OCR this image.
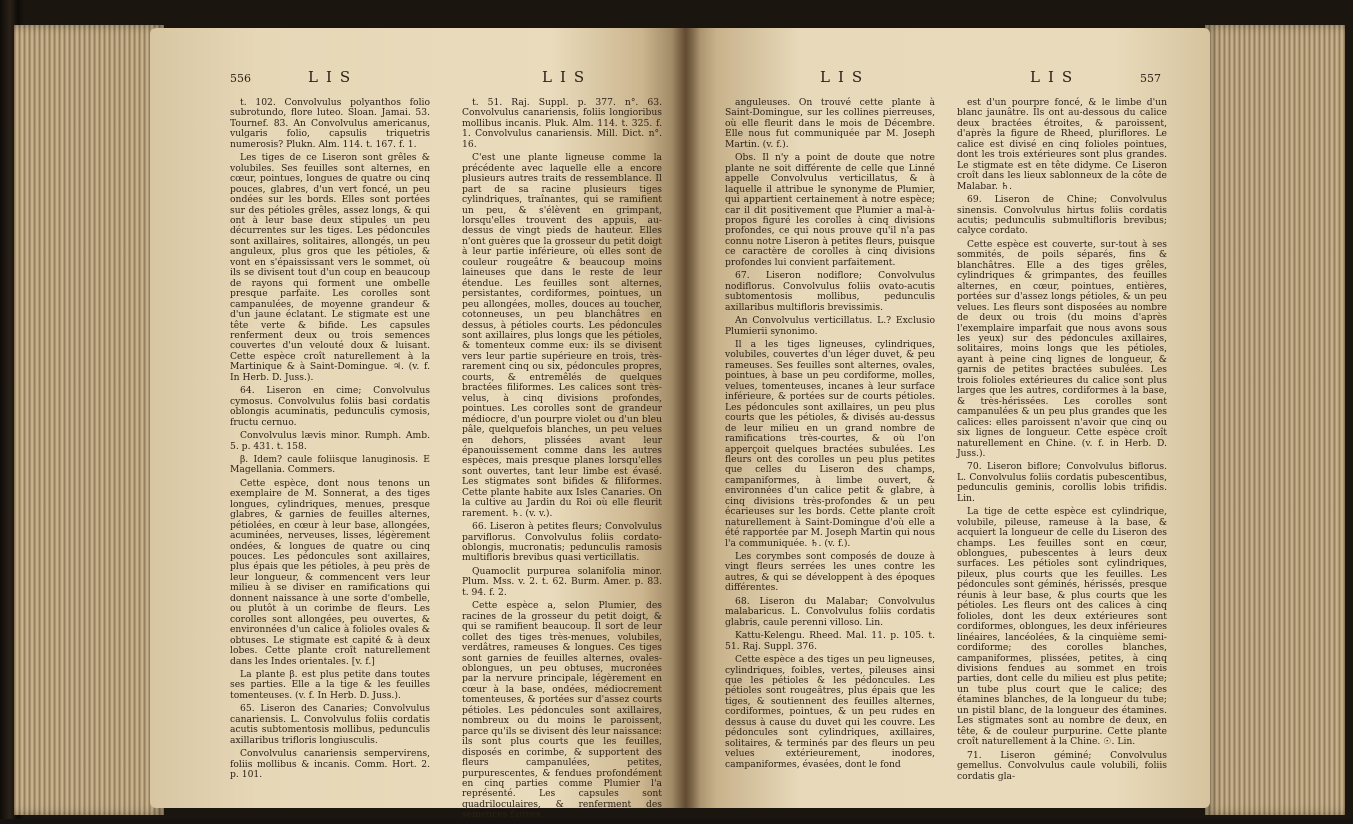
556	LIS	LIS

t. 102. Convolvulus polyanthos folio subrotundo, flore luteo. Sloan. Jamai. 53. Tournef. 83. An Convolvulus americanus, vulgaris folio, capsulis triquetris numerosis? Plukn. Alm. 114. t. 167. f. 1.

Les tiges de ce Liseron sont grêles & volubiles. Ses feuilles sont alternes, en cœur, pointues, longues de quatre ou cinq pouces, glabres, d'un vert foncé, un peu ondées sur les bords. Elles sont portées sur des pétioles grêles, assez longs, & qui ont à leur base deux stipules un peu décurrentes sur les tiges. Les pédoncules sont axillaires, solitaires, allongés, un peu anguleux, plus gros que les pétioles, & vont en s'épaississant vers le sommet, où ils se divisent tout d'un coup en beaucoup de rayons qui forment une ombelle presque parfaite. Les corolles sont campanulées, de moyenne grandeur & d'un jaune éclatant. Le stigmate est une tête verte & bifide. Les capsules renferment deux ou trois semences couvertes d'un velouté doux & luisant. Cette espèce croît naturellement à la Martinique & à Saint-Domingue. ♃. (v. f. In Herb. D. Juss.).

64. Liseron en cime; Convolvulus cymosus. Convolvulus foliis basi cordatis oblongis acuminatis, pedunculis cymosis, fructu cernuo.

Convolvulus lævis minor. Rumph. Amb. 5. p. 431. t. 158.

β. Idem? caule foliisque lanuginosis. E Magellania. Commers.

Cette espèce, dont nous tenons un exemplaire de M. Sonnerat, a des tiges longues, cylindriques, menues, presque glabres, & garnies de feuilles alternes, pétiolées, en cœur à leur base, allongées, acuminées, nerveuses, lisses, légèrement ondées, & longues de quatre ou cinq pouces. Les pédoncules sont axillaires, plus épais que les pétioles, à peu près de leur longueur, & commencent vers leur milieu à se diviser en ramifications qui donnent naissance à une sorte d'ombelle, ou plutôt à un corimbe de fleurs. Les corolles sont allongées, peu ouvertes, & environnées d'un calice à folioles ovales & obtuses. Le stigmate est capité & à deux lobes. Cette plante croît naturellement dans les Indes orientales. [v. f.]

La plante β. est plus petite dans toutes ses parties. Elle a la tige & les feuilles tomenteuses. (v. f. In Herb. D. Juss.).

65. Liseron des Canaries; Convolvulus canariensis. L. Convolvulus foliis cordatis acutis subtomentosis mollibus, pedunculis axillaribus trifloris longiusculis.

Convolvulus canariensis sempervirens, foliis mollibus & incanis. Comm. Hort. 2. p. 101.

t. 51. Raj. Suppl. p. 377. n°. 63. Convolvulus canariensis, foliis longioribus mollibus incanis. Pluk. Alm. 114. t. 325. f. 1. Convolvulus canariensis. Mill. Dict. n°. 16.

C'est une plante ligneuse comme la précédente avec laquelle elle a encore plusieurs autres traits de ressemblance. Il part de sa racine plusieurs tiges cylindriques, traînantes, qui se ramifient un peu, & s'élèvent en grimpant, lorsqu'elles trouvent des appuis, au-dessus de vingt pieds de hauteur. Elles n'ont guères que la grosseur du petit doigt à leur partie inférieure, où elles sont de couleur rougeâtre & beaucoup moins laineuses que dans le reste de leur étendue. Les feuilles sont alternes, persistantes, cordiformes, pointues, un peu allongées, molles, douces au toucher, cotonneuses, un peu blanchâtres en dessus, à pétioles courts. Les pédoncules sont axillaires, plus longs que les pétioles, & tomenteux comme eux: ils se divisent vers leur partie supérieure en trois, très-rarement cinq ou six, pédoncules propres, courts, & entremêlés de quelques bractées filiformes. Les calices sont très-velus, à cinq divisions profondes, pointues. Les corolles sont de grandeur médiocre, d'un pourpre violet ou d'un bleu pâle, quelquefois blanches, un peu velues en dehors, plissées avant leur épanouissement comme dans les autres espèces, mais presque planes lorsqu'elles sont ouvertes, tant leur limbe est évasé. Les stigmates sont bifides & filiformes. Cette plante habite aux Isles Canaries. On la cultive au Jardin du Roi où elle fleurit rarement. ♄. (v. v.).

66. Liseron à petites fleurs; Convolvulus parviflorus. Convolvulus foliis cordato-oblongis, mucronatis; pedunculis ramosis multifloris brevibus quasi verticillatis.

Quamoclit purpurea solanifolia minor. Plum. Mss. v. 2. t. 62. Burm. Amer. p. 83. t. 94. f. 2.

Cette espèce a, selon Plumier, des racines de la grosseur du petit doigt, & qui se ramifient beaucoup. Il sort de leur collet des tiges très-menues, volubiles, verdâtres, rameuses & longues. Ces tiges sont garnies de feuilles alternes, ovales-oblongues, un peu obtuses, mucronées par la nervure principale, légèrement en cœur à la base, ondées, médiocrement tomenteuses, & portées sur d'assez courts pétioles. Les pédoncules sont axillaires, nombreux ou du moins le paroissent, parce qu'ils se divisent dès leur naissance: ils sont plus courts que les feuilles, disposés en corimbe, & supportent des fleurs campanulées, petites, purpurescentes, & fendues profondément en cinq parties comme Plumier l'a représenté. Les capsules sont quadriloculaires, & renferment des semences fauves,

LIS	LIS	557

anguleuses. On trouvé cette plante à Saint-Domingue, sur les collines pierreuses, où elle fleurit dans le mois de Décembre. Elle nous fut communiquée par M. Joseph Martin. (v. f.).

Obs. Il n'y a point de doute que notre plante ne soit différente de celle que Linné appelle Convolvulus verticillatus, & à laquelle il attribue le synonyme de Plumier, qui appartient certainement à notre espèce; car il dit positivement que Plumier a mal-à-propos figuré les corolles à cinq divisions profondes, ce qui nous prouve qu'il n'a pas connu notre Liseron à petites fleurs, puisque ce caractère de corolles à cinq divisions profondes lui convient parfaitement.

67. Liseron nodiflore; Convolvulus nodiflorus. Convolvulus foliis ovato-acutis subtomentosis mollibus, pedunculis axillaribus multifloris brevissimis.

An Convolvulus verticillatus. L.? Exclusio Plumierii synonimo.

Il a les tiges ligneuses, cylindriques, volubiles, couvertes d'un léger duvet, & peu rameuses. Ses feuilles sont alternes, ovales, pointues, à base un peu cordiforme, molles, velues, tomenteuses, incanes à leur surface inférieure, & portées sur de courts pétioles. Les pédoncules sont axillaires, un peu plus courts que les pétioles, & divisés au-dessus de leur milieu en un grand nombre de ramifications très-courtes, & où l'on apperçoit quelques bractées subulées. Les fleurs ont des corolles un peu plus petites que celles du Liseron des champs, campaniformes, à limbe ouvert, & environnées d'un calice petit & glabre, à cinq divisions très-profondes & un peu écarieuses sur les bords. Cette plante croît naturellement à Saint-Domingue d'où elle a été rapportée par M. Joseph Martin qui nous l'a communiquée. ♄. (v. f.).

Les corymbes sont composés de douze à vingt fleurs serrées les unes contre les autres, & qui se développent à des époques différentes.

68. Liseron du Malabar; Convolvulus malabaricus. L. Convolvulus foliis cordatis glabris, caule perenni villoso. Lin.

Kattu-Kelengu. Rheed. Mal. 11. p. 105. t. 51. Raj. Suppl. 376.

Cette espèce a des tiges un peu ligneuses, cylindriques, foibles, vertes, pileuses ainsi que les pétioles & les pédoncules. Les pétioles sont rougeâtres, plus épais que les tiges, & soutiennent des feuilles alternes, cordiformes, pointues, & un peu rudes en dessus à cause du duvet qui les couvre. Les pédoncules sont cylindriques, axillaires, solitaires, & terminés par des fleurs un peu velues extérieurement, inodores, campaniformes, évasées, dont le fond

est d'un pourpre foncé, & le limbe d'un blanc jaunâtre. Ils ont au-dessous du calice deux bractées étroites, & paroissent, d'après la figure de Rheed, pluriflores. Le calice est divisé en cinq folioles pointues, dont les trois extérieures sont plus grandes. Le stigmate est en tête didyme. Ce Liseron croît dans les lieux sablonneux de la côte de Malabar. ♄.

69. Liseron de Chine; Convolvulus sinensis. Convolvulus hirtus foliis cordatis acutis; pedunculis submultifloris brevibus; calyce cordato.

Cette espèce est couverte, sur-tout à ses sommités, de poils séparés, fins & blanchâtres. Elle a des tiges grêles, cylindriques & grimpantes, des feuilles alternes, en cœur, pointues, entières, portées sur d'assez longs pétioles, & un peu velues. Les fleurs sont disposées au nombre de deux ou trois (du moins d'après l'exemplaire imparfait que nous avons sous les yeux) sur des pédoncules axillaires, solitaires, moins longs que les pétioles, ayant à peine cinq lignes de longueur, & garnis de petites bractées subulées. Les trois folioles extérieures du calice sont plus larges que les autres, cordiformes à la base, & très-hérissées. Les corolles sont campanulées & un peu plus grandes que les calices: elles paroissent n'avoir que cinq ou six lignes de longueur. Cette espèce croît naturellement en Chine. (v. f. in Herb. D. Juss.).

70. Liseron biflore; Convolvulus biflorus. L. Convolvulus foliis cordatis pubescentibus, pedunculis geminis, corollis lobis trifidis. Lin.

La tige de cette espèce est cylindrique, volubile, pileuse, rameuse à la base, & acquiert la longueur de celle du Liseron des champs. Les feuilles sont en cœur, oblongues, pubescentes à leurs deux surfaces. Les pétioles sont cylindriques, pileux, plus courts que les feuilles. Les pédoncules sont géminés, hérissés, presque réunis à leur base, & plus courts que les pétioles. Les fleurs ont des calices à cinq folioles, dont les deux extérieures sont cordiformes, oblongues, les deux inférieures linéaires, lancéolées, & la cinquième semi-cordiforme; des corolles blanches, campaniformes, plissées, petites, à cinq divisions fendues au sommet en trois parties, dont celle du milieu est plus petite; un tube plus court que le calice; des étamines blanches, de la longueur du tube; un pistil blanc, de la longueur des étamines. Les stigmates sont au nombre de deux, en tête, & de couleur purpurine. Cette plante croît naturellement à la Chine. ☉. Lin.

71. Liseron géminé; Convolvulus gemellus. Convolvulus caule volubili, foliis cordatis gla-
